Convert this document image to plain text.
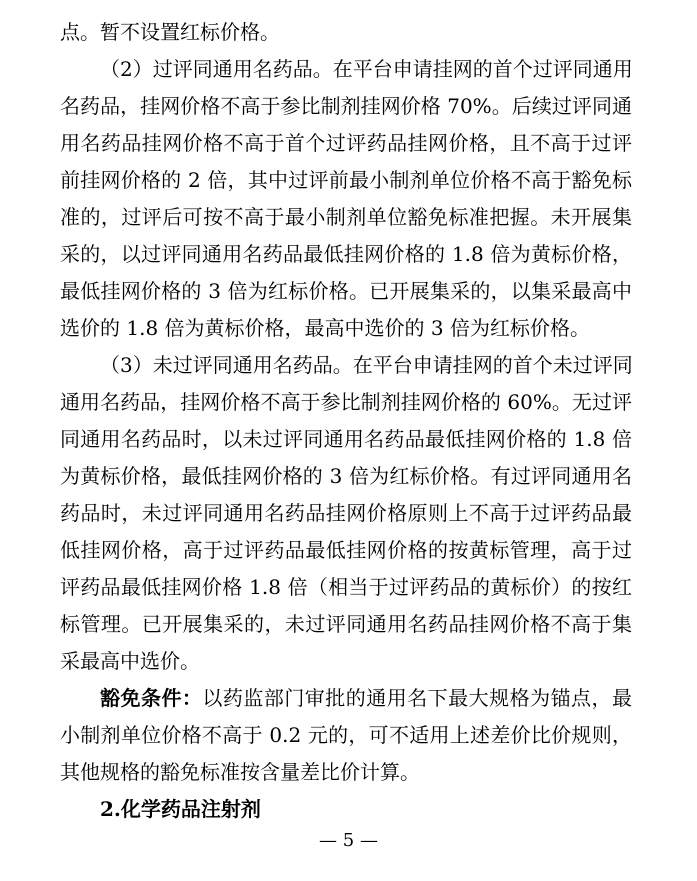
点。暂不设置红标价格。
（2）过评同通用名药品。在平台申请挂网的首个过评同通用
名药品，挂网价格不高于参比制剂挂网价格 70%。后续过评同通
用名药品挂网价格不高于首个过评药品挂网价格，且不高于过评
前挂网价格的 2 倍，其中过评前最小制剂单位价格不高于豁免标
准的，过评后可按不高于最小制剂单位豁免标准把握。未开展集
采的，以过评同通用名药品最低挂网价格的 1.8 倍为黄标价格，
最低挂网价格的 3 倍为红标价格。已开展集采的，以集采最高中
选价的 1.8 倍为黄标价格，最高中选价的 3 倍为红标价格。
（3）未过评同通用名药品。在平台申请挂网的首个未过评同
通用名药品，挂网价格不高于参比制剂挂网价格的 60%。无过评
同通用名药品时，以未过评同通用名药品最低挂网价格的 1.8 倍
为黄标价格，最低挂网价格的 3 倍为红标价格。有过评同通用名
药品时，未过评同通用名药品挂网价格原则上不高于过评药品最
低挂网价格，高于过评药品最低挂网价格的按黄标管理，高于过
评药品最低挂网价格 1.8 倍（相当于过评药品的黄标价）的按红
标管理。已开展集采的，未过评同通用名药品挂网价格不高于集
采最高中选价。
豁免条件：以药监部门审批的通用名下最大规格为锚点，最
小制剂单位价格不高于 0.2 元的，可不适用上述差价比价规则，
其他规格的豁免标准按含量差比价计算。
2.化学药品注射剂
— 5 —
